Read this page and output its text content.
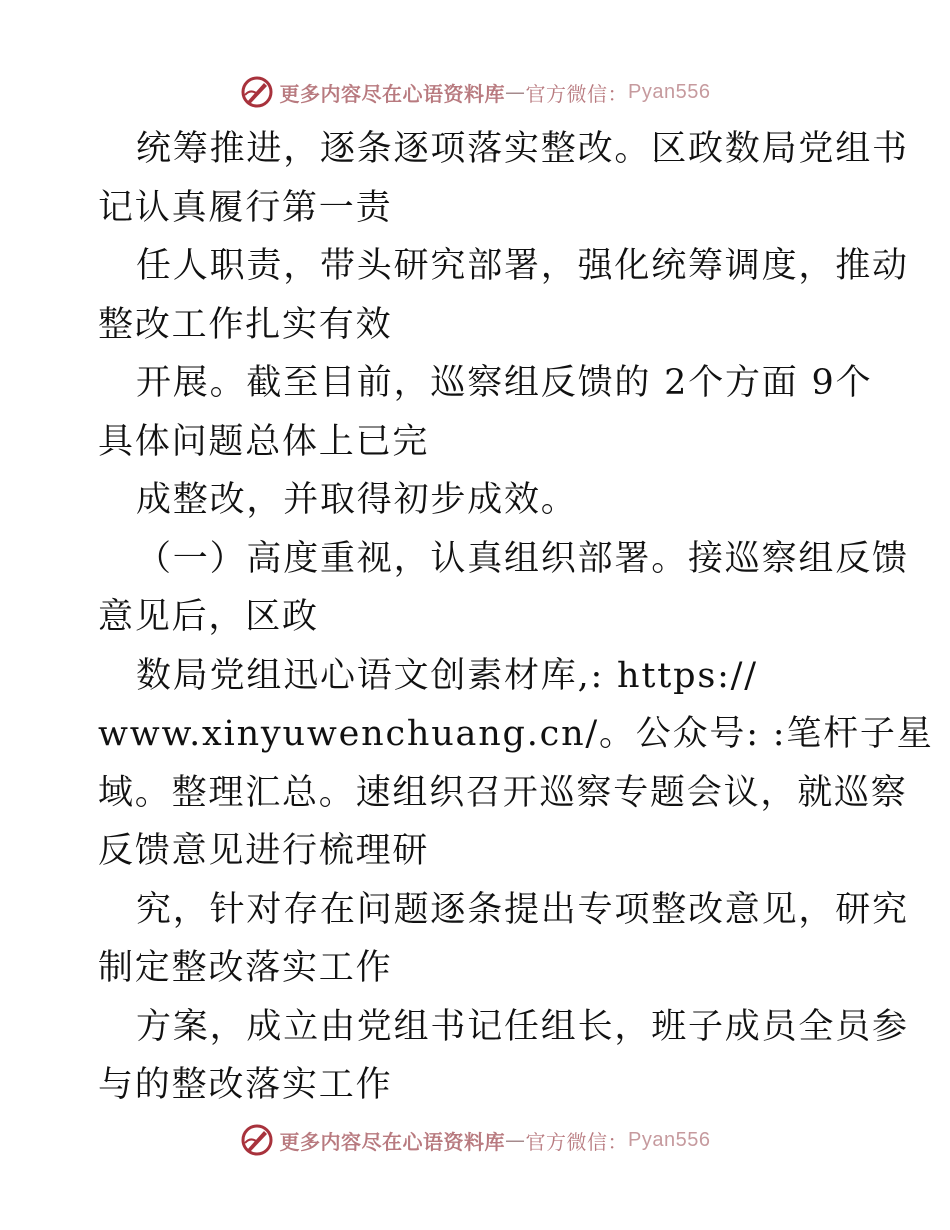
更多内容尽在心语资料库 — 官方微信： Pyan556
统筹推进，逐条逐项落实整改。区政数局党组书
记认真履行第一责
任人职责，带头研究部署，强化统筹调度，推动
整改工作扎实有效
开展。截至目前，巡察组反馈的 2个方面 9个
具体问题总体上已完
成整改，并取得初步成效。
（一）高度重视，认真组织部署。接巡察组反馈
意见后，区政
数局党组迅心语文创素材库,: https://
www.xinyuwenchuang.cn/。公众号: :笔杆子星
域。整理汇总。速组织召开巡察专题会议，就巡察
反馈意见进行梳理研
究，针对存在问题逐条提出专项整改意见，研究
制定整改落实工作
方案，成立由党组书记任组长，班子成员全员参
与的整改落实工作
更多内容尽在心语资料库 — 官方微信： Pyan556
